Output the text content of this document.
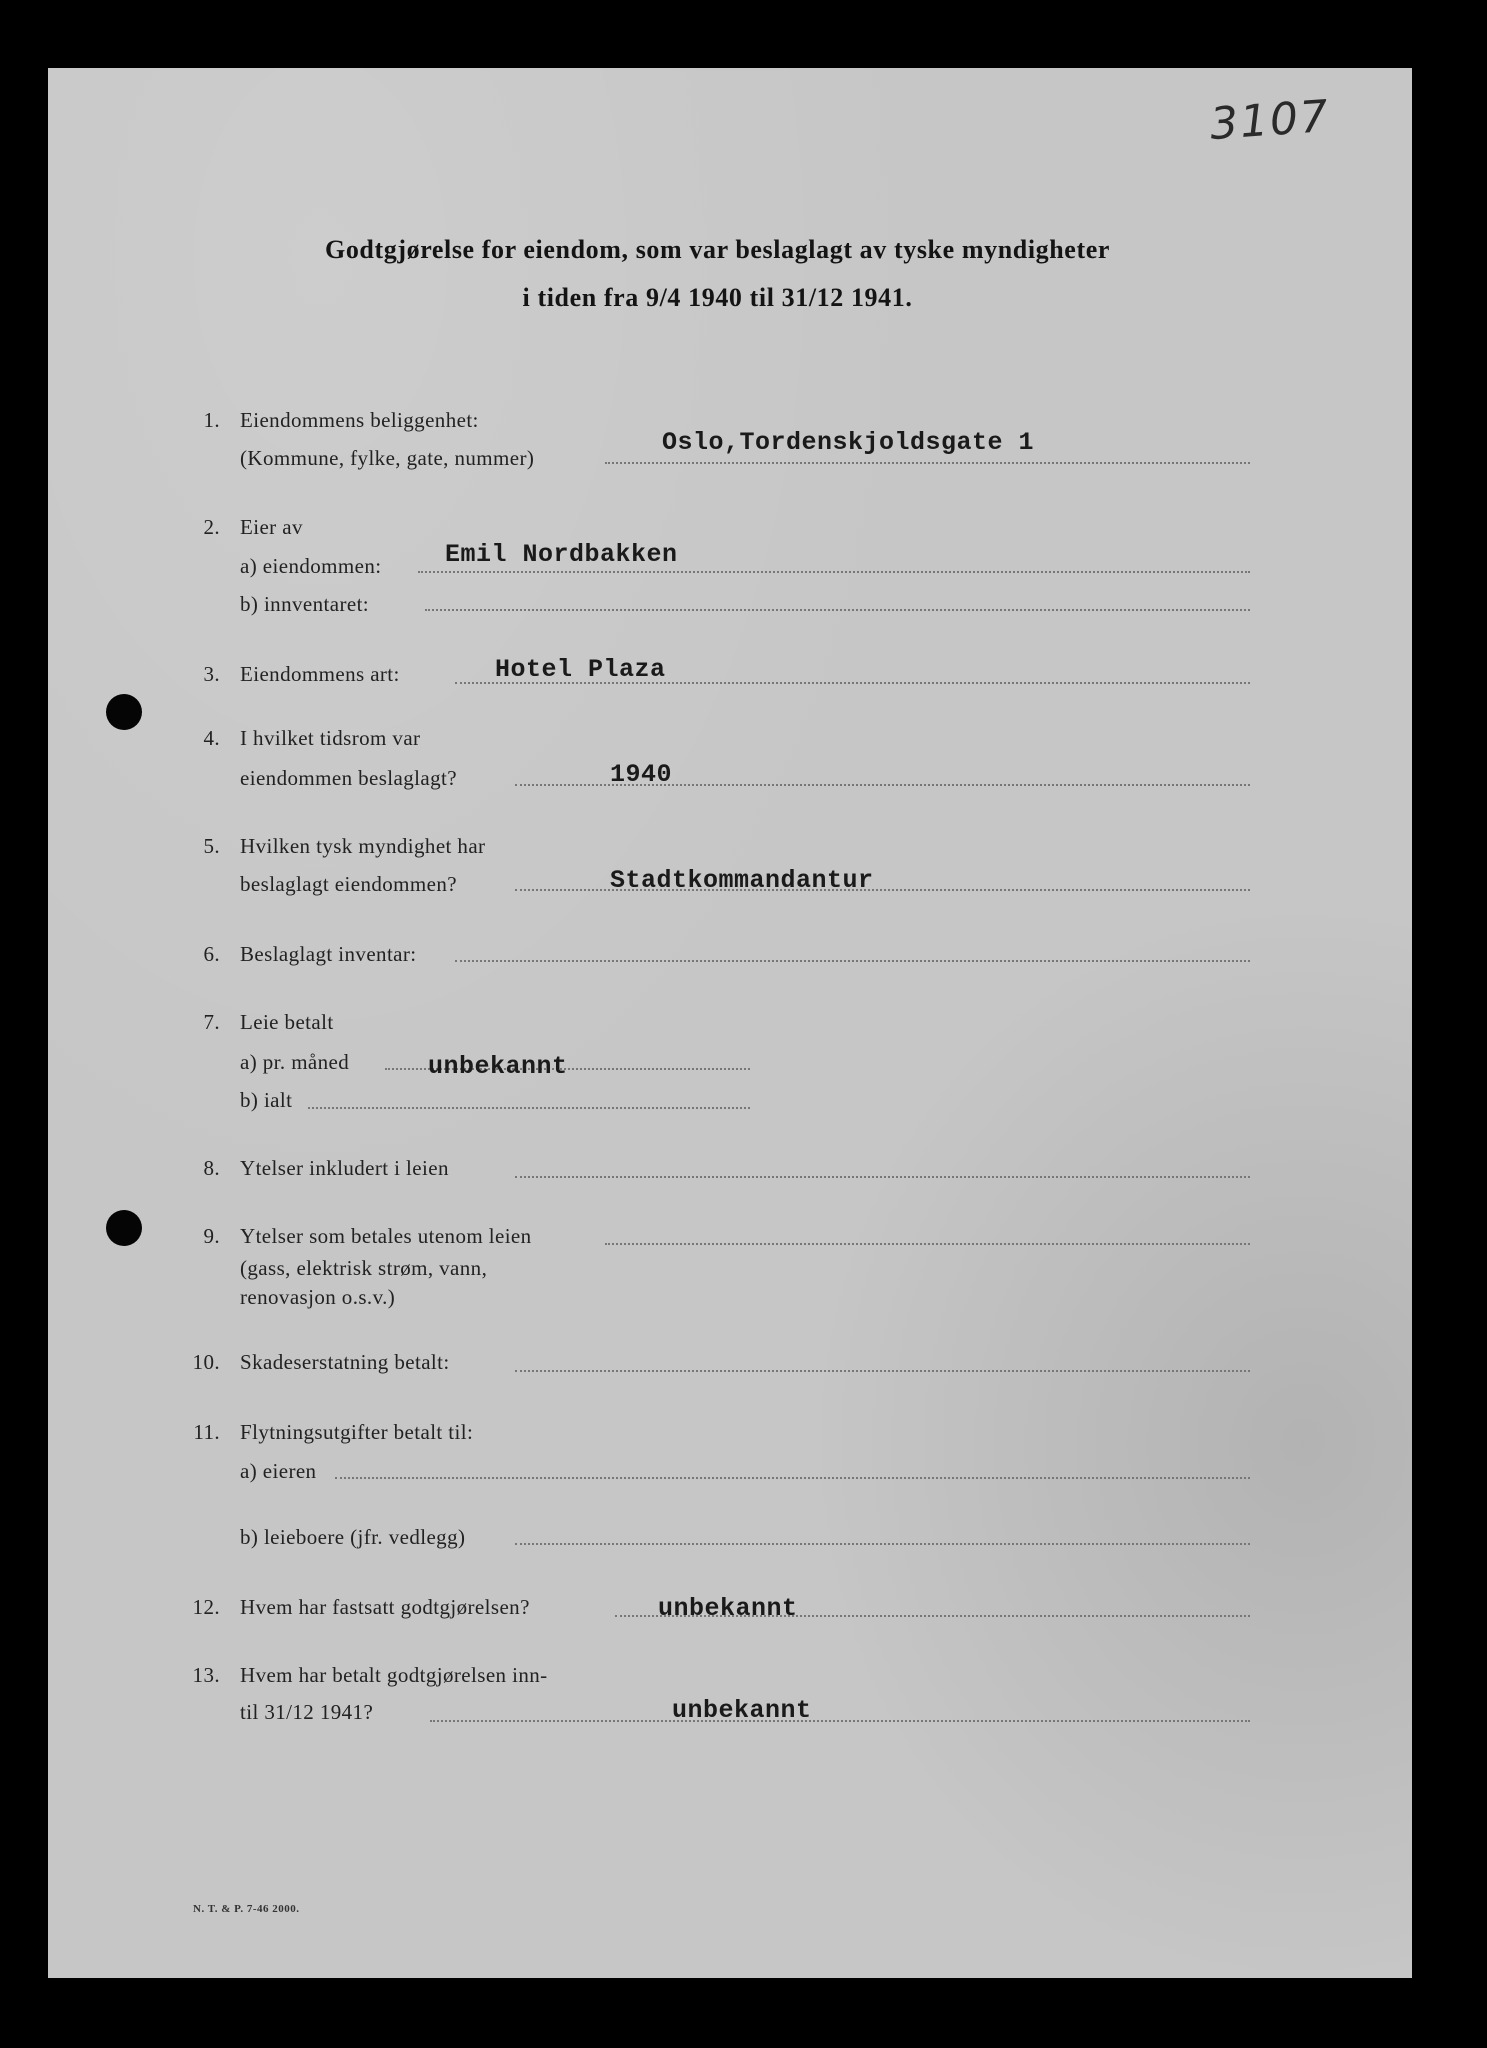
3107
Godtgjørelse for eiendom, som var beslaglagt av tyske myndigheter
i tiden fra 9/4 1940 til 31/12 1941.
1. Eiendommens beliggenhet:
(Kommune, fylke, gate, nummer)
Oslo,Tordenskjoldsgate 1
2. Eier av
a) eiendommen:	Emil Nordbakken
b) innventaret:
3. Eiendommens art:	Hotel Plaza
4. I hvilket tidsrom var
eiendommen beslaglagt?	1940
5. Hvilken tysk myndighet har
beslaglagt eiendommen?	Stadtkommandantur
6. Beslaglagt inventar:
7. Leie betalt
a) pr. måned	unbekannt
b) ialt
8. Ytelser inkludert i leien
9. Ytelser som betales utenom leien
(gass, elektrisk strøm, vann,
renovasjon o.s.v.)
10. Skadeserstatning betalt:
11. Flytningsutgifter betalt til:
a) eieren
b) leieboere (jfr. vedlegg)
12. Hvem har fastsatt godtgjørelsen?	unbekannt
13. Hvem har betalt godtgjørelsen inn-
til 31/12 1941?	unbekannt
N. T. & P. 7-46 2000.
